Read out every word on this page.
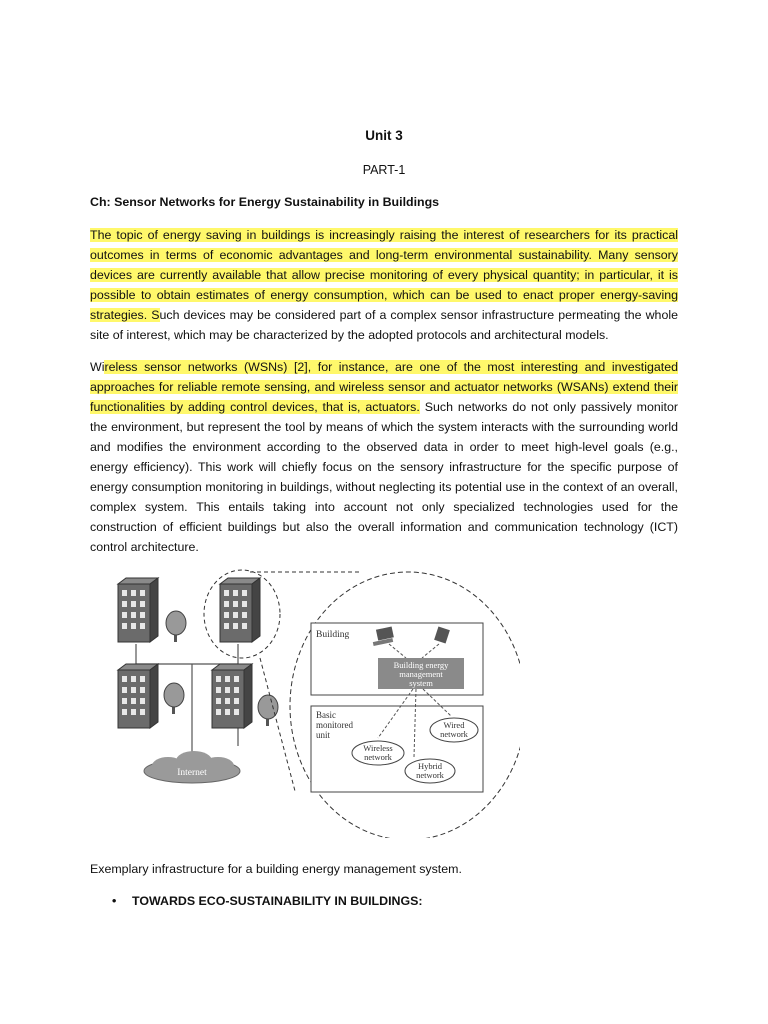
Unit 3
PART-1
Ch: Sensor Networks for Energy Sustainability in Buildings

The topic of energy saving in buildings is increasingly raising the interest of researchers for its practical outcomes in terms of economic advantages and long-term environmental sustainability. Many sensory devices are currently available that allow precise monitoring of every physical quantity; in particular, it is possible to obtain estimates of energy consumption, which can be used to enact proper energy-saving strategies. Such devices may be considered part of a complex sensor infrastructure permeating the whole site of interest, which may be characterized by the adopted protocols and architectural models.

Wireless sensor networks (WSNs) [2], for instance, are one of the most interesting and investigated approaches for reliable remote sensing, and wireless sensor and actuator networks (WSANs) extend their functionalities by adding control devices, that is, actuators. Such networks do not only passively monitor the environment, but represent the tool by means of which the system interacts with the surrounding world and modifies the environment according to the observed data in order to meet high-level goals (e.g., energy efficiency). This work will chiefly focus on the sensory infrastructure for the specific purpose of energy consumption monitoring in buildings, without neglecting its potential use in the context of an overall, complex system. This entails taking into account not only specialized technologies used for the construction of efficient buildings but also the overall information and communication technology (ICT) control architecture.

Internet
Building
Building energy
management
system
Basic
monitored
unit
Wireless
network
Wired
network
Hybrid
network
Exemplary infrastructure for a building energy management system.
• TOWARDS ECO-SUSTAINABILITY IN BUILDINGS:
